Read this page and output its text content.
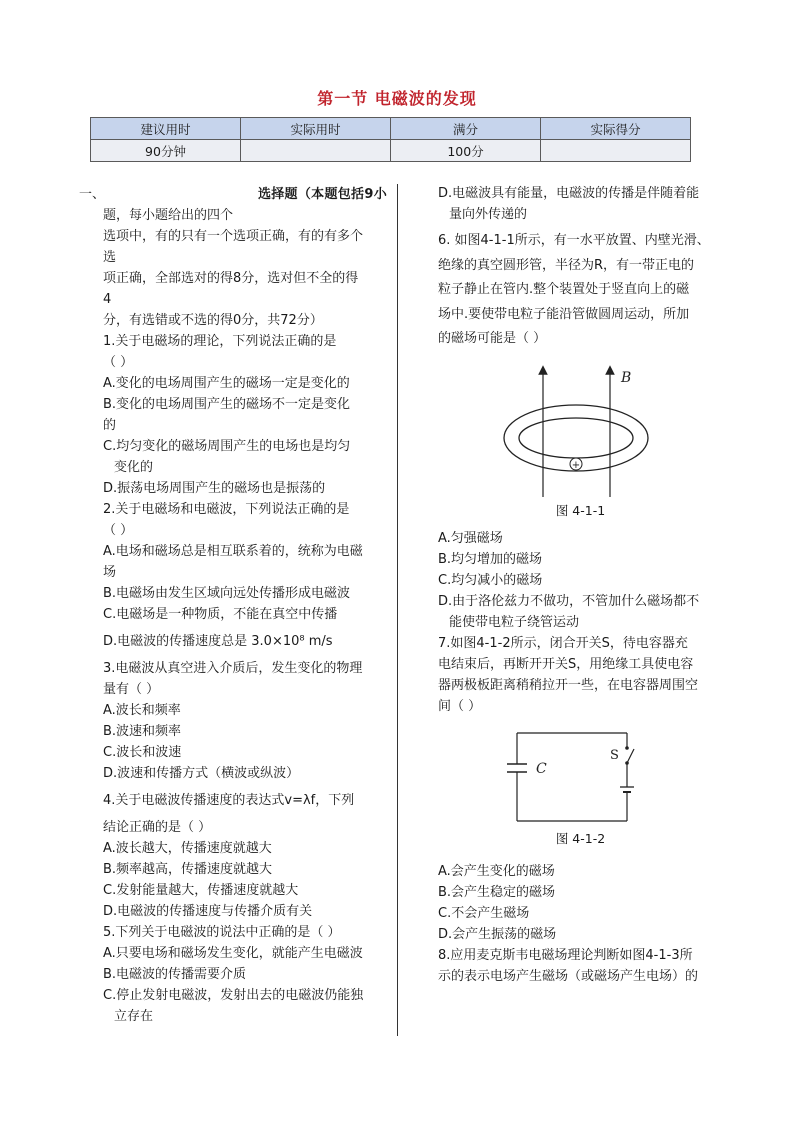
第一节 电磁波的发现
建议用时	实际用时	满分	实际得分
90分钟		100分	
一、	选择题（本题包括9小

题，每小题给出的四个

选项中，有的只有一个选项正确，有的有多个

选

项正确，全部选对的得8分，选对但不全的得

4

分，有选错或不选的得0分，共72分）

1.关于电磁场的理论，下列说法正确的是

（ ）

A.变化的电场周围产生的磁场一定是变化的

B.变化的电场周围产生的磁场不一定是变化

的

C.均匀变化的磁场周围产生的电场也是均匀

变化的

D.振荡电场周围产生的磁场也是振荡的

2.关于电磁场和电磁波，下列说法正确的是

（ ）

A.电场和磁场总是相互联系着的，统称为电磁

场

B.电磁场由发生区域向远处传播形成电磁波

C.电磁场是一种物质，不能在真空中传播

D.电磁波的传播速度总是 3.0×10⁸ m/s

3.电磁波从真空进入介质后，发生变化的物理

量有（ ）

A.波长和频率

B.波速和频率

C.波长和波速

D.波速和传播方式（横波或纵波）

4.关于电磁波传播速度的表达式v=λf，下列

结论正确的是（ ）

A.波长越大，传播速度就越大

B.频率越高，传播速度就越大

C.发射能量越大，传播速度就越大

D.电磁波的传播速度与传播介质有关

5.下列关于电磁波的说法中正确的是（ ）

A.只要电场和磁场发生变化，就能产生电磁波

B.电磁波的传播需要介质

C.停止发射电磁波，发射出去的电磁波仍能独

立存在

D.电磁波具有能量，电磁波的传播是伴随着能

量向外传递的

6. 如图4-1-1所示，有一水平放置、内壁光滑、

绝缘的真空圆形管，半径为R，有一带正电的

粒子静止在管内.整个装置处于竖直向上的磁

场中.要使带电粒子能沿管做圆周运动，所加

的磁场可能是（ ）

+
B
图 4-1-1

A.匀强磁场

B.均匀增加的磁场

C.均匀减小的磁场

D.由于洛伦兹力不做功，不管加什么磁场都不

能使带电粒子绕管运动

7.如图4-1-2所示，闭合开关S，待电容器充

电结束后，再断开开关S，用绝缘工具使电容

器两极板距离稍稍拉开一些，在电容器周围空

间（ ）

C
S
图 4-1-2

A.会产生变化的磁场

B.会产生稳定的磁场

C.不会产生磁场

D.会产生振荡的磁场

8.应用麦克斯韦电磁场理论判断如图4-1-3所

示的表示电场产生磁场（或磁场产生电场）的
